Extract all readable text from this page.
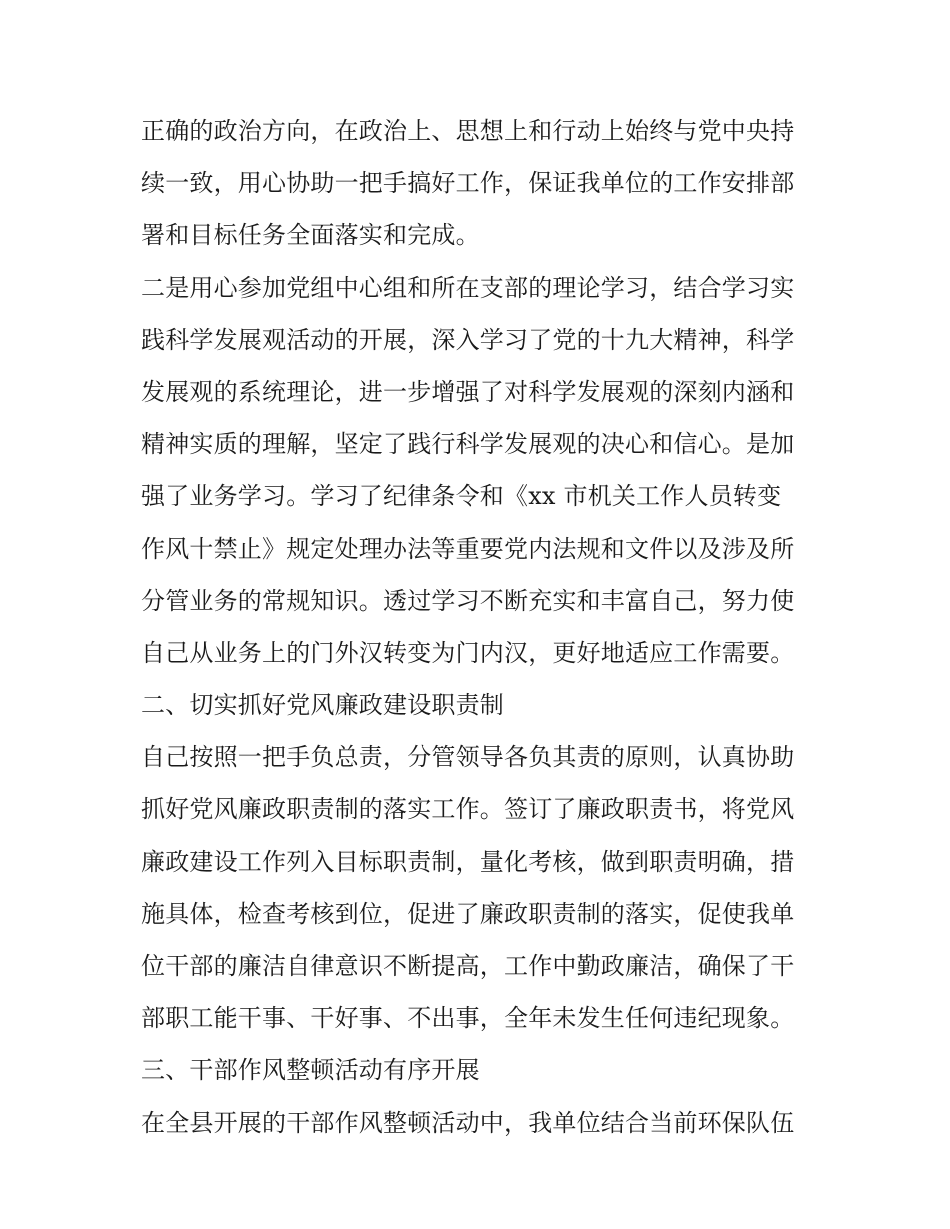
正确的政治方向，在政治上、思想上和行动上始终与党中央持
续一致，用心协助一把手搞好工作，保证我单位的工作安排部
署和目标任务全面落实和完成。
二是用心参加党组中心组和所在支部的理论学习，结合学习实
践科学发展观活动的开展，深入学习了党的十九大精神，科学
发展观的系统理论，进一步增强了对科学发展观的深刻内涵和
精神实质的理解，坚定了践行科学发展观的决心和信心。是加
强了业务学习。学习了纪律条令和《xx 市机关工作人员转变
作风十禁止》规定处理办法等重要党内法规和文件以及涉及所
分管业务的常规知识。透过学习不断充实和丰富自己，努力使
自己从业务上的门外汉转变为门内汉，更好地适应工作需要。
二、切实抓好党风廉政建设职责制
自己按照一把手负总责，分管领导各负其责的原则，认真协助
抓好党风廉政职责制的落实工作。签订了廉政职责书，将党风
廉政建设工作列入目标职责制，量化考核，做到职责明确，措
施具体，检查考核到位，促进了廉政职责制的落实，促使我单
位干部的廉洁自律意识不断提高，工作中勤政廉洁，确保了干
部职工能干事、干好事、不出事，全年未发生任何违纪现象。
三、干部作风整顿活动有序开展
在全县开展的干部作风整顿活动中，我单位结合当前环保队伍
